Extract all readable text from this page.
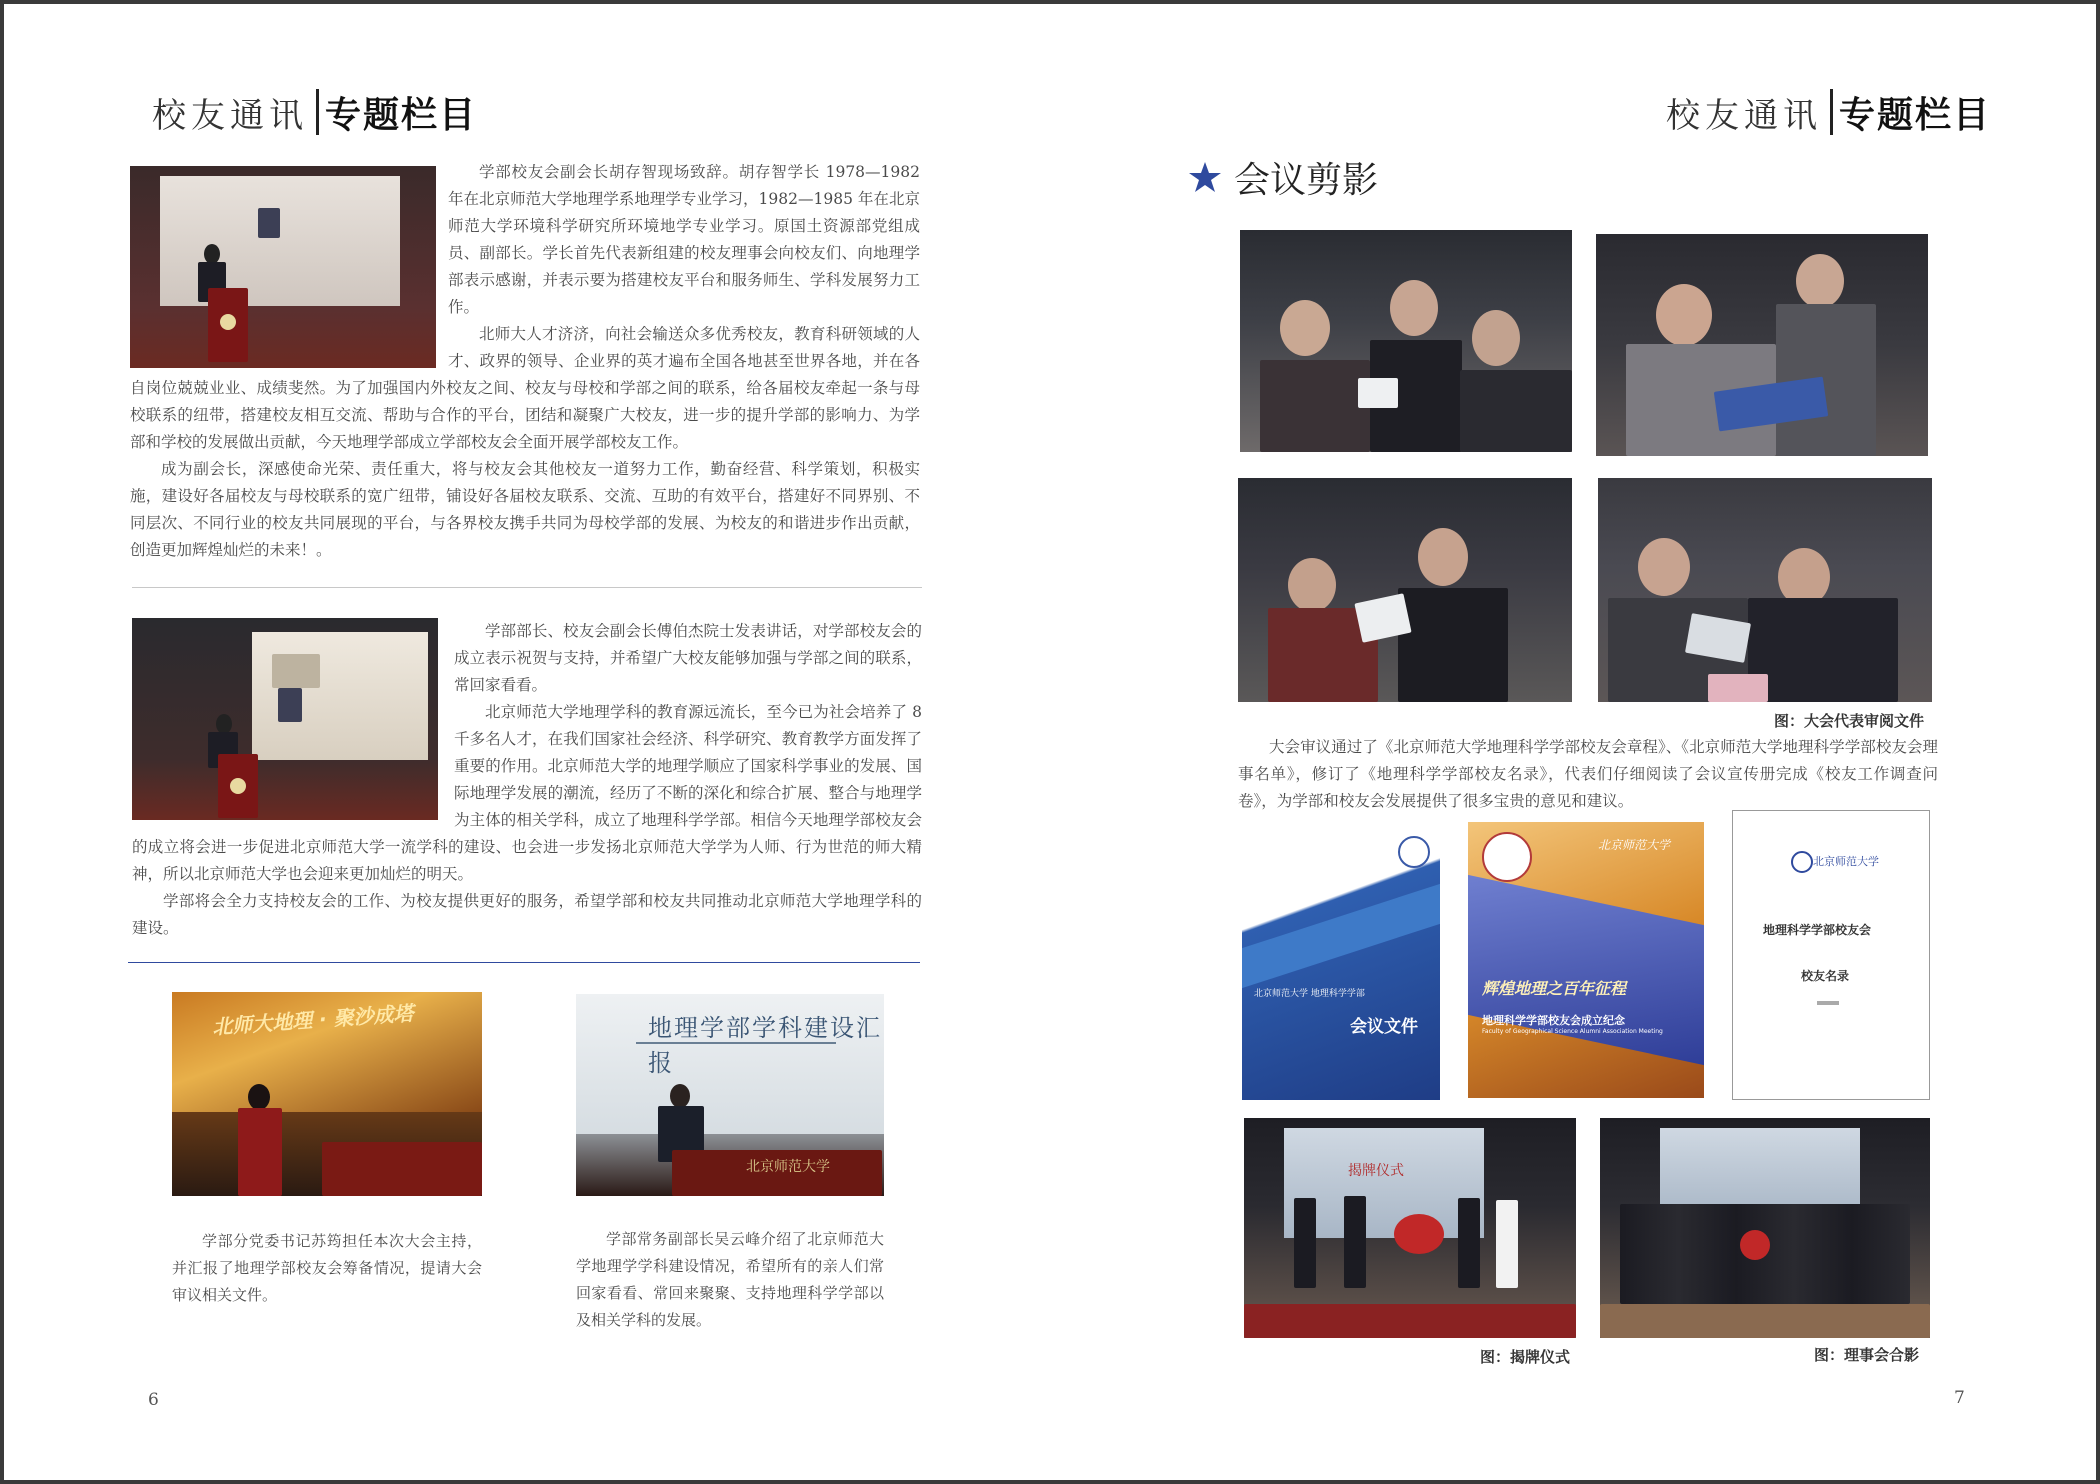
校友通讯 专题栏目	校友通讯 专题栏目

学部校友会副会长胡存智现场致辞。胡存智学长 1978—1982 年在北京师范大学地理学系地理学专业学习，1982—1985 年在北京师范大学环境科学研究所环境地学专业学习。原国土资源部党组成员、副部长。学长首先代表新组建的校友理事会向校友们、向地理学部表示感谢，并表示要为搭建校友平台和服务师生、学科发展努力工作。

北师大人才济济，向社会输送众多优秀校友，教育科研领域的人才、政界的领导、企业界的英才遍布全国各地甚至世界各地，并在各自岗位兢兢业业、成绩斐然。为了加强国内外校友之间、校友与母校和学部之间的联系，给各届校友牵起一条与母校联系的纽带，搭建校友相互交流、帮助与合作的平台，团结和凝聚广大校友，进一步的提升学部的影响力、为学部和学校的发展做出贡献，今天地理学部成立学部校友会全面开展学部校友工作。

成为副会长，深感使命光荣、责任重大，将与校友会其他校友一道努力工作，勤奋经营、科学策划，积极实施，建设好各届校友与母校联系的宽广纽带，铺设好各届校友联系、交流、互助的有效平台，搭建好不同界别、不同层次、不同行业的校友共同展现的平台，与各界校友携手共同为母校学部的发展、为校友的和谐进步作出贡献，创造更加辉煌灿烂的未来！。

学部部长、校友会副会长傅伯杰院士发表讲话，对学部校友会的成立表示祝贺与支持，并希望广大校友能够加强与学部之间的联系，常回家看看。

北京师范大学地理学科的教育源远流长，至今已为社会培养了 8 千多名人才，在我们国家社会经济、科学研究、教育教学方面发挥了重要的作用。北京师范大学的地理学顺应了国家科学事业的发展、国际地理学发展的潮流，经历了不断的深化和综合扩展、整合与地理学为主体的相关学科，成立了地理科学学部。相信今天地理学部校友会的成立将会进一步促进北京师范大学一流学科的建设、也会进一步发扬北京师范大学学为人师、行为世范的师大精神，所以北京师范大学也会迎来更加灿烂的明天。

学部将会全力支持校友会的工作、为校友提供更好的服务，希望学部和校友共同推动北京师范大学地理学科的建设。

北师大地理 · 聚沙成塔	地理学部学科建设汇报
北京师范大学

学部分党委书记苏筠担任本次大会主持，并汇报了地理学部校友会筹备情况，提请大会审议相关文件。

学部常务副部长吴云峰介绍了北京师范大学地理学学科建设情况，希望所有的亲人们常回家看看、常回来聚聚、支持地理科学学部以及相关学科的发展。

6
会议剪影
图：大会代表审阅文件

大会审议通过了《北京师范大学地理科学学部校友会章程》、《北京师范大学地理科学学部校友会理事名单》，修订了《地理科学学部校友名录》，代表们仔细阅读了会议宣传册完成《校友工作调查问卷》，为学部和校友会发展提供了很多宝贵的意见和建议。

北京师范大学 地理科学学部
会议文件
北京师范大学
辉煌地理之百年征程
地理科学学部校友会成立纪念
Faculty of Geographical Science Alumni Association Meeting
北京师范大学
地理科学学部校友会
校友名录
揭牌仪式
图：揭牌仪式	图：理事会合影
7
